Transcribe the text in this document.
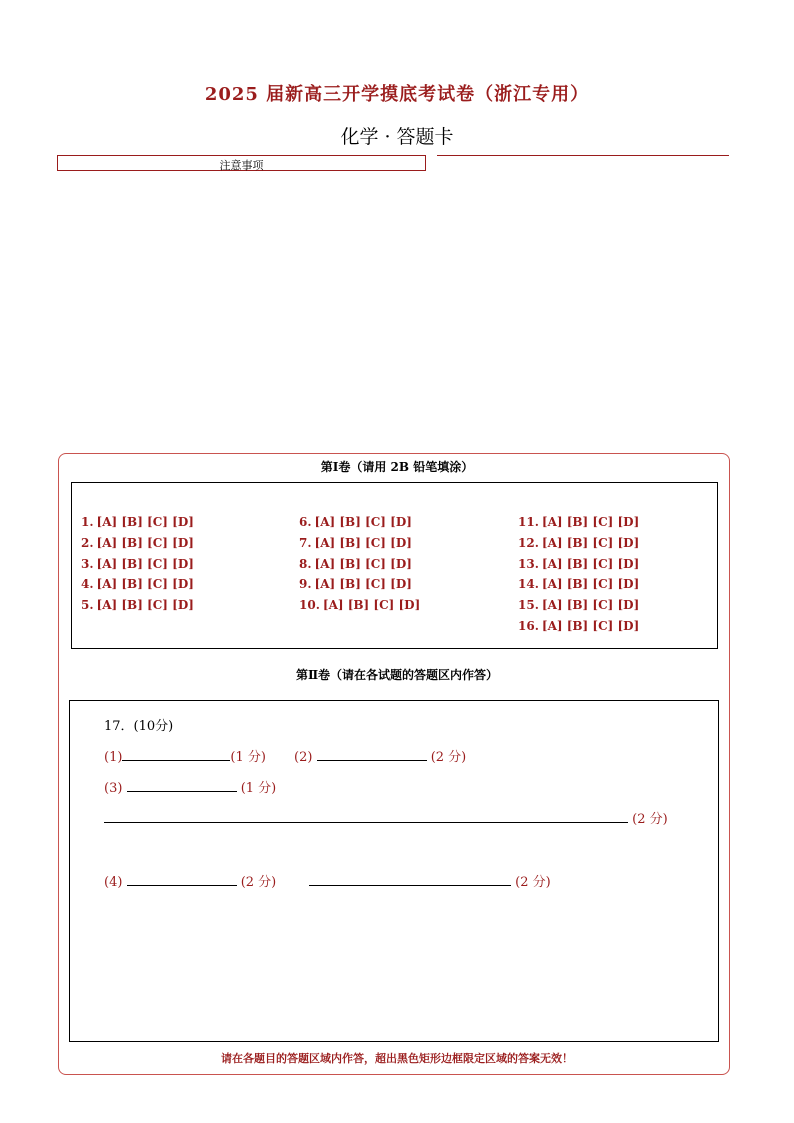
2025 届新高三开学摸底考试卷（浙江专用）
化学 · 答题卡
注意事项
第Ⅰ卷（请用 2B 铅笔填涂）
1. [A] [B] [C] [D]
2. [A] [B] [C] [D]
3. [A] [B] [C] [D]
4. [A] [B] [C] [D]
5. [A] [B] [C] [D]
6. [A] [B] [C] [D]
7. [A] [B] [C] [D]
8. [A] [B] [C] [D]
9. [A] [B] [C] [D]
10. [A] [B] [C] [D]
11. [A] [B] [C] [D]
12. [A] [B] [C] [D]
13. [A] [B] [C] [D]
14. [A] [B] [C] [D]
15. [A] [B] [C] [D]
16. [A] [B] [C] [D]
第Ⅱ卷（请在各试题的答题区内作答）
17．(10分)
(1)	(1 分) (2)	(2 分)
(3)	(1 分)
(2 分)
(4)	(2 分)	(2 分)
请在各题目的答题区域内作答，超出黑色矩形边框限定区域的答案无效！
